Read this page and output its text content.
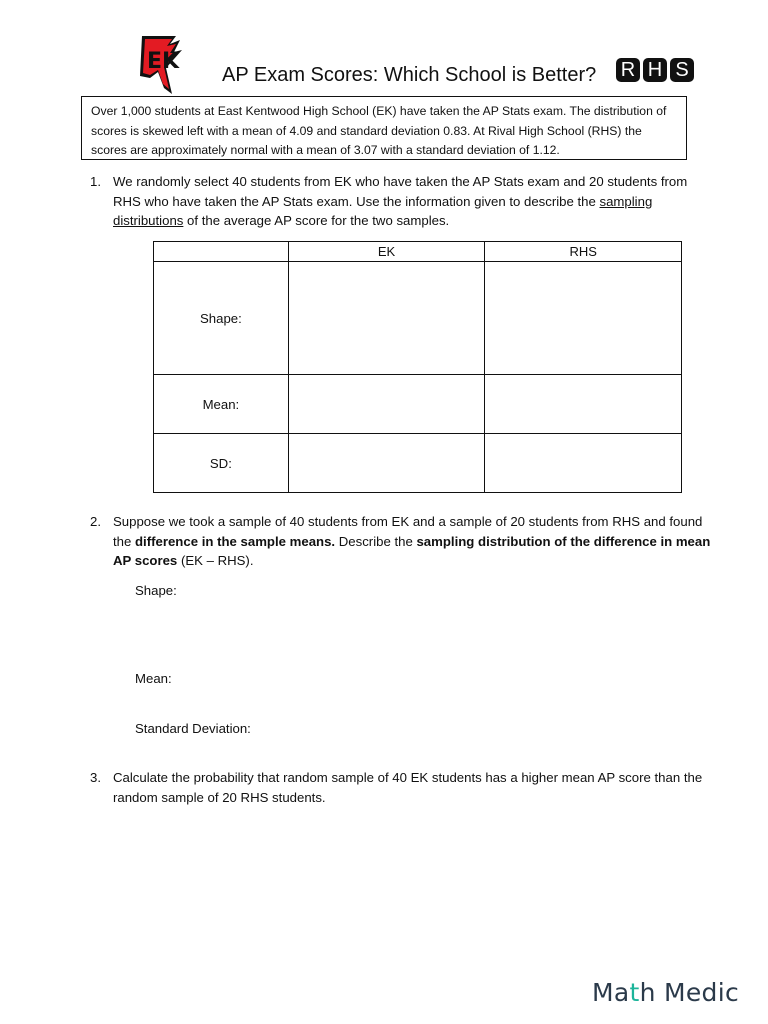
EK
AP Exam Scores: Which School is Better? R H S
Over 1,000 students at East Kentwood High School (EK) have taken the AP Stats exam. The distribution of scores is skewed left with a mean of 4.09 and standard deviation 0.83. At Rival High School (RHS) the scores are approximately normal with a mean of 3.07 with a standard deviation of 1.12.
1. We randomly select 40 students from EK who have taken the AP Stats exam and 20 students from RHS who have taken the AP Stats exam. Use the information given to describe the sampling distributions of the average AP score for the two samples.
	EK	RHS
Shape:		
Mean:		
SD:		
2. Suppose we took a sample of 40 students from EK and a sample of 20 students from RHS and found the difference in the sample means. Describe the sampling distribution of the difference in mean AP scores (EK – RHS).
Shape:
Mean:
Standard Deviation:
3. Calculate the probability that random sample of 40 EK students has a higher mean AP score than the random sample of 20 RHS students.
Math Medic
